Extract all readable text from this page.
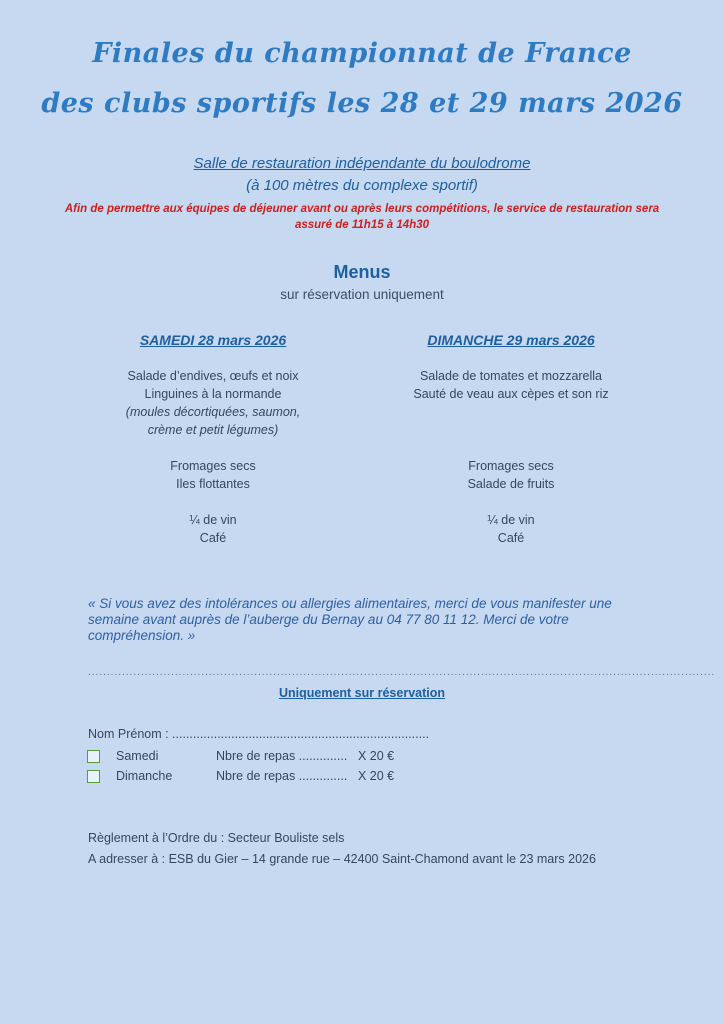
Finales du championnat de France
des clubs sportifs les 28 et 29 mars 2026
Salle de restauration indépendante du boulodrome
(à 100 mètres du complexe sportif)
Afin de permettre aux équipes de déjeuner avant ou après leurs compétitions, le service de restauration sera assuré de 11h15 à 14h30
Menus
sur réservation uniquement
SAMEDI 28 mars 2026
Salade d’endives, œufs et noix
Linguines à la normande
(moules décortiquées, saumon, crème et petit légumes)
Fromages secs
Iles flottantes
¼ de vin
Café
DIMANCHE 29 mars 2026
Salade de tomates et mozzarella
Sauté de veau aux cèpes et son riz
Fromages secs
Salade de fruits
¼ de vin
Café
« Si vous avez des intolérances ou allergies alimentaires, merci de vous manifester une semaine avant auprès de l’auberge du Bernay au 04 77 80 11 12. Merci de votre compréhension. »
......................................................................................................................................................................
Uniquement sur réservation
Nom Prénom : ..........................................................................
Samedi	Nbre de repas .............. X 20 €
Dimanche	Nbre de repas .............. X 20 €
Règlement à l’Ordre du : Secteur Bouliste sels
A adresser à : ESB du Gier – 14 grande rue – 42400 Saint-Chamond avant le 23 mars 2026
